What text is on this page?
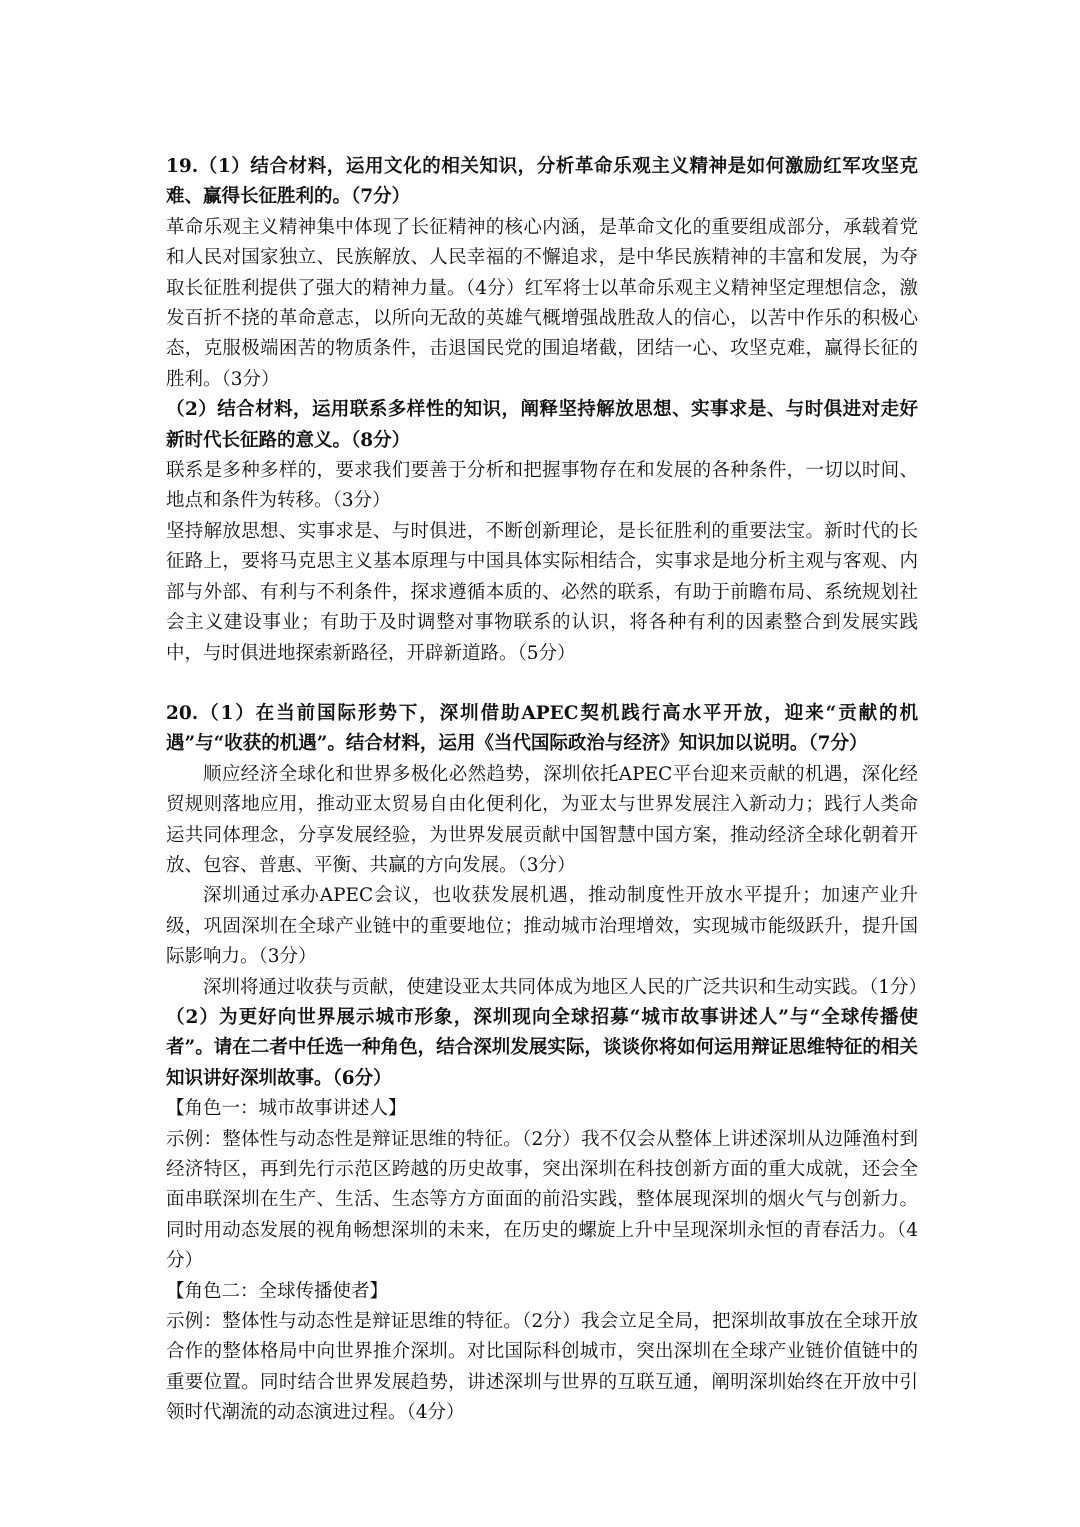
19.（1）结合材料，运用文化的相关知识，分析革命乐观主义精神是如何激励红军攻坚克难、赢得长征胜利的。（7分）

革命乐观主义精神集中体现了长征精神的核心内涵，是革命文化的重要组成部分，承载着党和人民对国家独立、民族解放、人民幸福的不懈追求，是中华民族精神的丰富和发展，为夺取长征胜利提供了强大的精神力量。（4分）红军将士以革命乐观主义精神坚定理想信念，激发百折不挠的革命意志，以所向无敌的英雄气概增强战胜敌人的信心，以苦中作乐的积极心态，克服极端困苦的物质条件，击退国民党的围追堵截，团结一心、攻坚克难，赢得长征的胜利。（3分）

（2）结合材料，运用联系多样性的知识，阐释坚持解放思想、实事求是、与时俱进对走好新时代长征路的意义。（8分）

联系是多种多样的，要求我们要善于分析和把握事物存在和发展的各种条件，一切以时间、地点和条件为转移。（3分）

坚持解放思想、实事求是、与时俱进，不断创新理论，是长征胜利的重要法宝。新时代的长征路上，要将马克思主义基本原理与中国具体实际相结合，实事求是地分析主观与客观、内部与外部、有利与不利条件，探求遵循本质的、必然的联系，有助于前瞻布局、系统规划社会主义建设事业；有助于及时调整对事物联系的认识，将各种有利的因素整合到发展实践中，与时俱进地探索新路径，开辟新道路。（5分）

20.（1）在当前国际形势下，深圳借助APEC契机践行高水平开放，迎来“贡献的机遇”与“收获的机遇”。结合材料，运用《当代国际政治与经济》知识加以说明。（7分）

顺应经济全球化和世界多极化必然趋势，深圳依托APEC平台迎来贡献的机遇，深化经贸规则落地应用，推动亚太贸易自由化便利化，为亚太与世界发展注入新动力；践行人类命运共同体理念，分享发展经验，为世界发展贡献中国智慧中国方案，推动经济全球化朝着开放、包容、普惠、平衡、共赢的方向发展。（3分）

深圳通过承办APEC会议，也收获发展机遇，推动制度性开放水平提升；加速产业升级，巩固深圳在全球产业链中的重要地位；推动城市治理增效，实现城市能级跃升，提升国际影响力。（3分）

深圳将通过收获与贡献，使建设亚太共同体成为地区人民的广泛共识和生动实践。（1分）

（2）为更好向世界展示城市形象，深圳现向全球招募“城市故事讲述人”与“全球传播使者”。请在二者中任选一种角色，结合深圳发展实际，谈谈你将如何运用辩证思维特征的相关知识讲好深圳故事。（6分）

【角色一：城市故事讲述人】

示例：整体性与动态性是辩证思维的特征。（2分）我不仅会从整体上讲述深圳从边陲渔村到经济特区，再到先行示范区跨越的历史故事，突出深圳在科技创新方面的重大成就，还会全面串联深圳在生产、生活、生态等方方面面的前沿实践，整体展现深圳的烟火气与创新力。同时用动态发展的视角畅想深圳的未来，在历史的螺旋上升中呈现深圳永恒的青春活力。（4分）

【角色二：全球传播使者】

示例：整体性与动态性是辩证思维的特征。（2分）我会立足全局，把深圳故事放在全球开放合作的整体格局中向世界推介深圳。对比国际科创城市，突出深圳在全球产业链价值链中的重要位置。同时结合世界发展趋势，讲述深圳与世界的互联互通，阐明深圳始终在开放中引领时代潮流的动态演进过程。（4分）
